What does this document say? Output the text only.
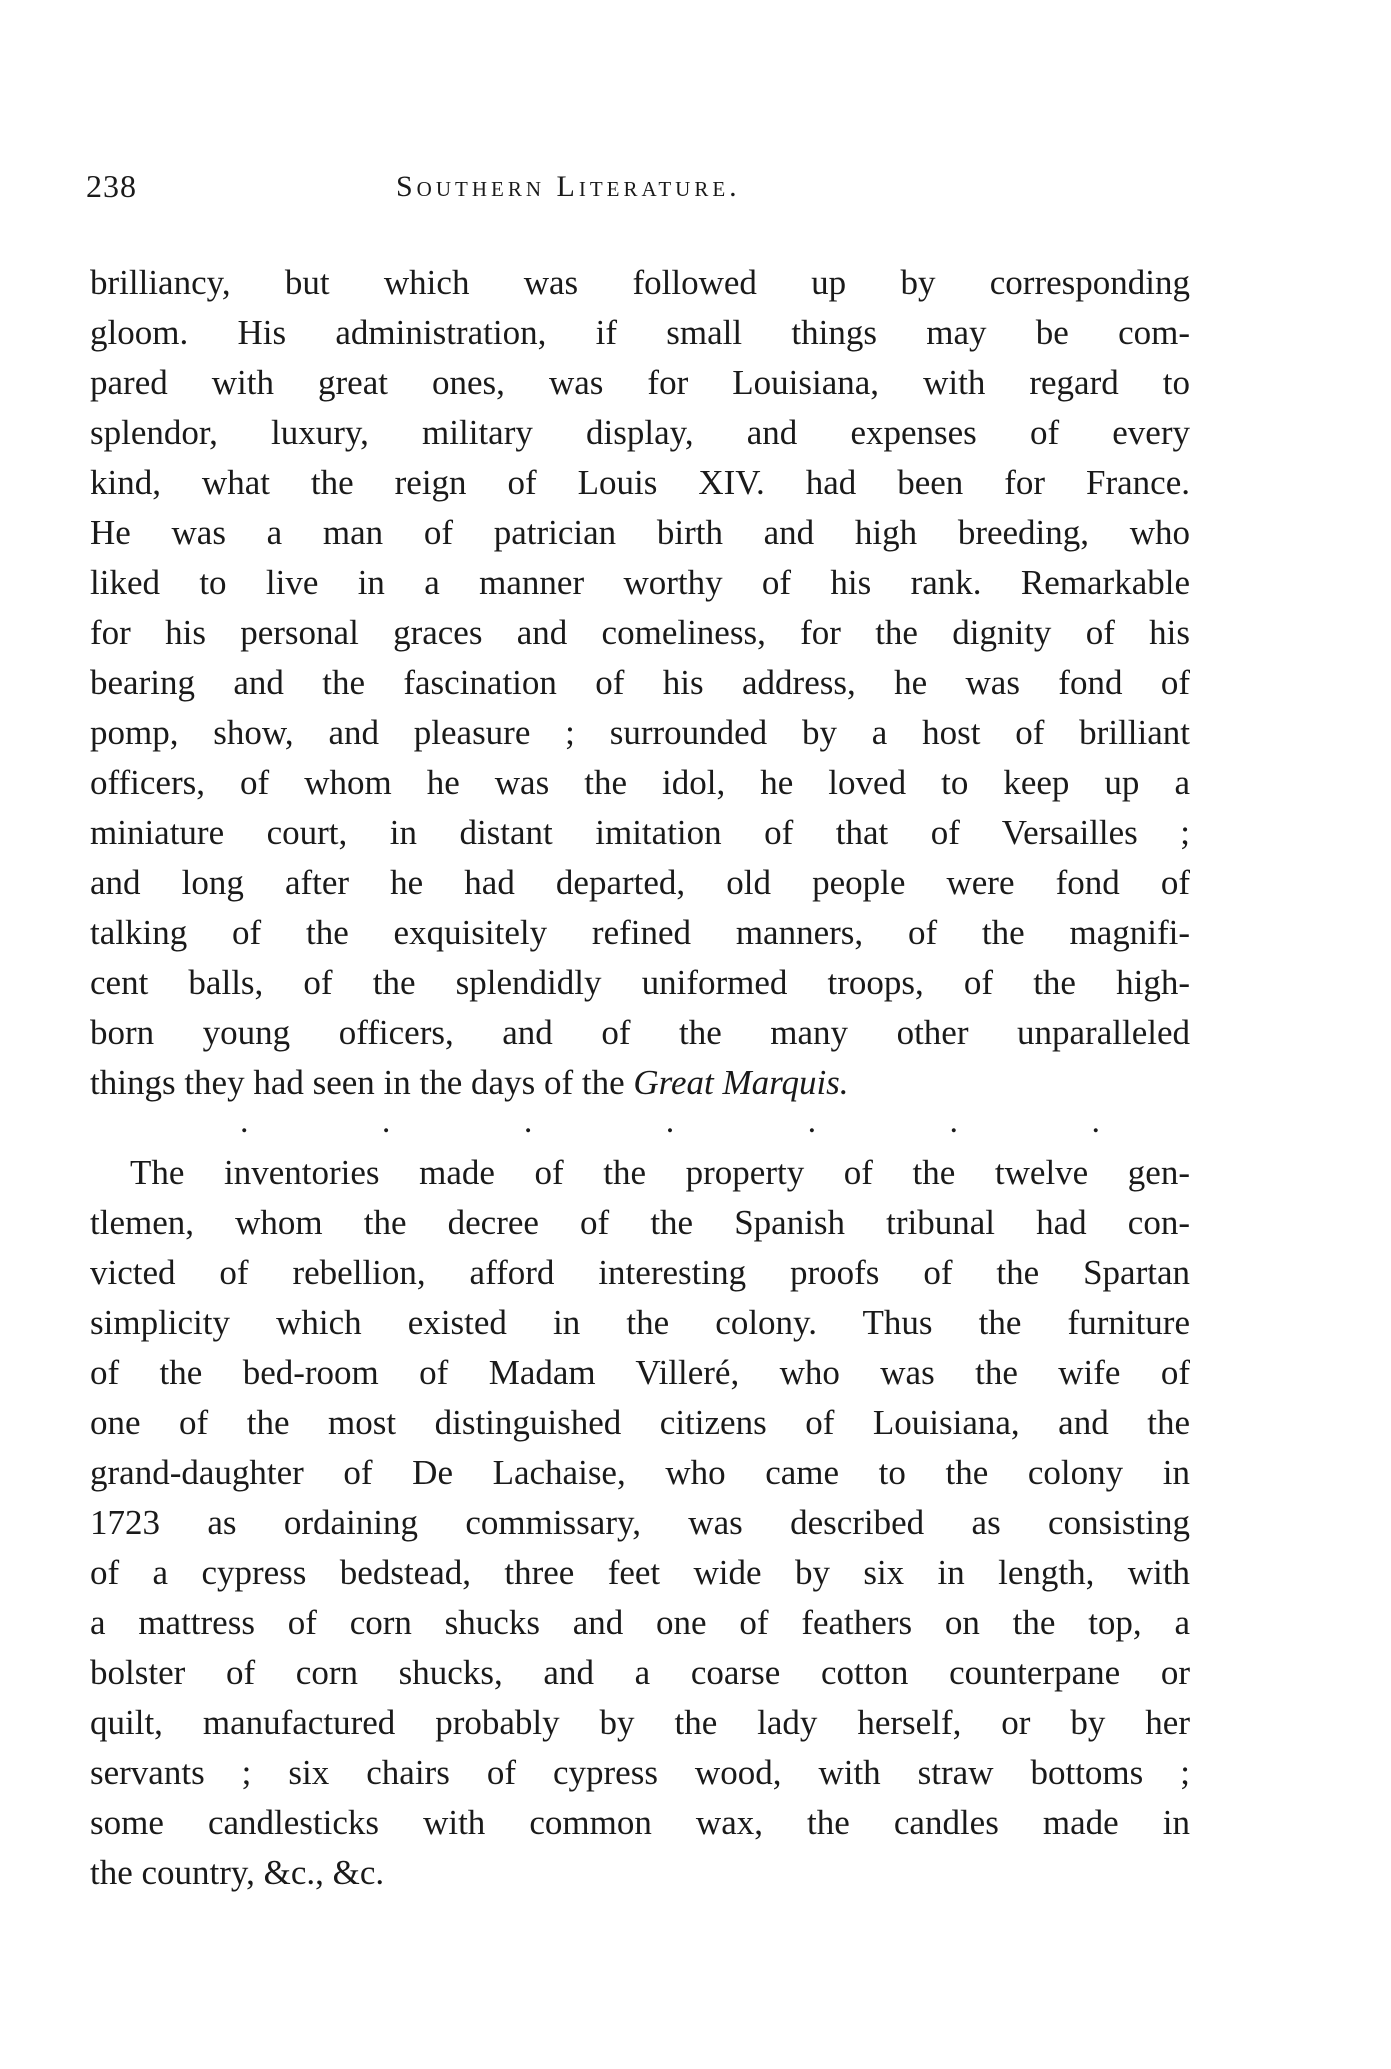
238	Southern Literature.
brilliancy, but which was followed up by corresponding
gloom. His administration, if small things may be com-
pared with great ones, was for Louisiana, with regard to
splendor, luxury, military display, and expenses of every
kind, what the reign of Louis XIV. had been for France.
He was a man of patrician birth and high breeding, who
liked to live in a manner worthy of his rank. Remarkable
for his personal graces and comeliness, for the dignity of his
bearing and the fascination of his address, he was fond of
pomp, show, and pleasure ; surrounded by a host of brilliant
officers, of whom he was the idol, he loved to keep up a
miniature court, in distant imitation of that of Versailles ;
and long after he had departed, old people were fond of
talking of the exquisitely refined manners, of the magnifi-
cent balls, of the splendidly uniformed troops, of the high-
born young officers, and of the many other unparalleled
things they had seen in the days of the Great Marquis.
.	.	.	.	.	.	.
The inventories made of the property of the twelve gen-
tlemen, whom the decree of the Spanish tribunal had con-
victed of rebellion, afford interesting proofs of the Spartan
simplicity which existed in the colony. Thus the furniture
of the bed-room of Madam Villeré, who was the wife of
one of the most distinguished citizens of Louisiana, and the
grand-daughter of De Lachaise, who came to the colony in
1723 as ordaining commissary, was described as consisting
of a cypress bedstead, three feet wide by six in length, with
a mattress of corn shucks and one of feathers on the top, a
bolster of corn shucks, and a coarse cotton counterpane or
quilt, manufactured probably by the lady herself, or by her
servants ; six chairs of cypress wood, with straw bottoms ;
some candlesticks with common wax, the candles made in
the country, &c., &c.
